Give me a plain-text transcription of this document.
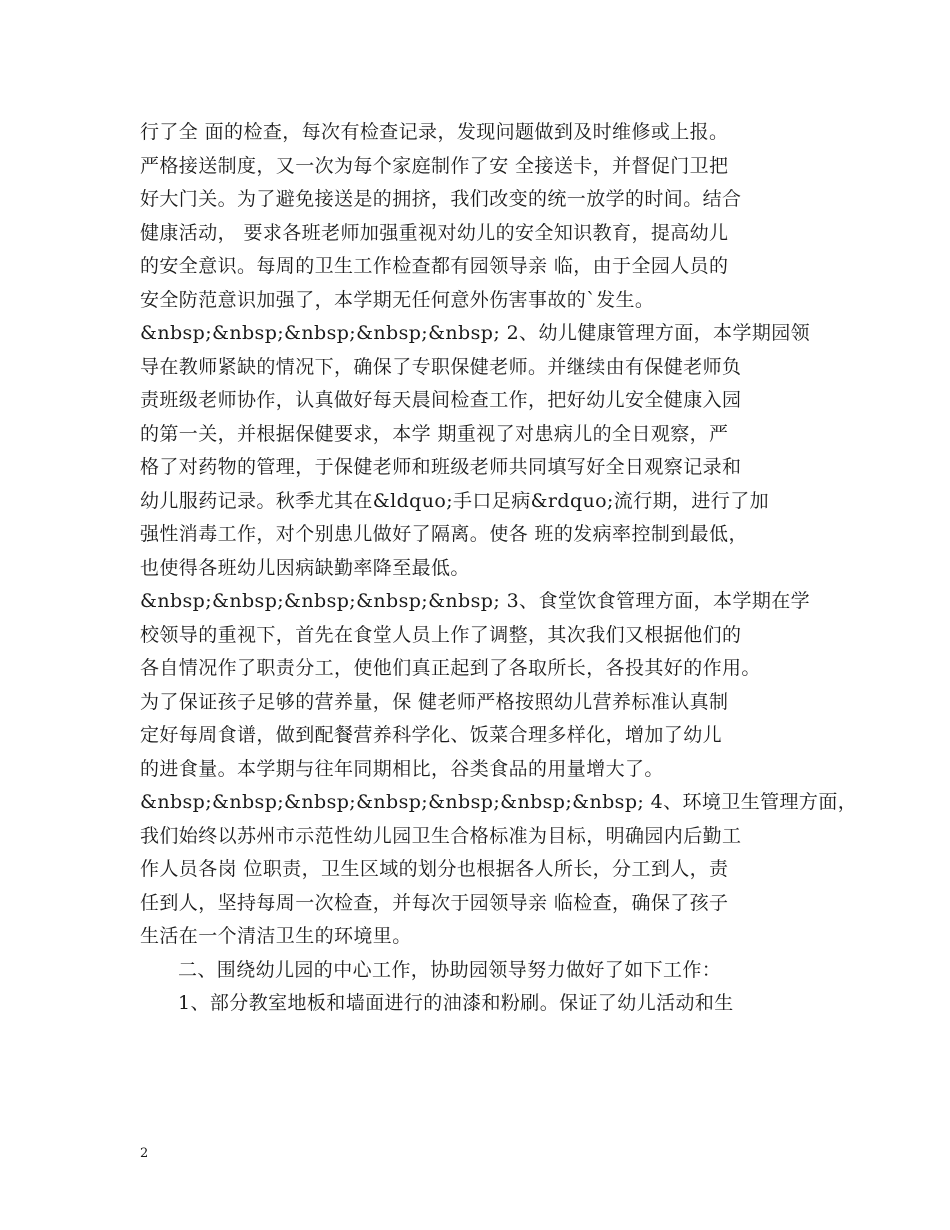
行了全 面的检查，每次有检查记录，发现问题做到及时维修或上报。
严格接送制度，又一次为每个家庭制作了安 全接送卡，并督促门卫把
好大门关。为了避免接送是的拥挤，我们改变的统一放学的时间。结合
健康活动， 要求各班老师加强重视对幼儿的安全知识教育，提高幼儿
的安全意识。每周的卫生工作检查都有园领导亲 临，由于全园人员的
安全防范意识加强了，本学期无任何意外伤害事故的`发生。
&nbsp;&nbsp;&nbsp;&nbsp;&nbsp; 2、幼儿健康管理方面，本学期园领
导在教师紧缺的情况下，确保了专职保健老师。并继续由有保健老师负
责班级老师协作，认真做好每天晨间检查工作，把好幼儿安全健康入园
的第一关，并根据保健要求，本学 期重视了对患病儿的全日观察，严
格了对药物的管理，于保健老师和班级老师共同填写好全日观察记录和
幼儿服药记录。秋季尤其在&ldquo;手口足病&rdquo;流行期，进行了加
强性消毒工作，对个别患儿做好了隔离。使各 班的发病率控制到最低，
也使得各班幼儿因病缺勤率降至最低。
&nbsp;&nbsp;&nbsp;&nbsp;&nbsp; 3、食堂饮食管理方面，本学期在学
校领导的重视下，首先在食堂人员上作了调整，其次我们又根据他们的
各自情况作了职责分工，使他们真正起到了各取所长，各投其好的作用。
为了保证孩子足够的营养量，保 健老师严格按照幼儿营养标准认真制
定好每周食谱，做到配餐营养科学化、饭菜合理多样化，增加了幼儿
的进食量。本学期与往年同期相比，谷类食品的用量增大了。
&nbsp;&nbsp;&nbsp;&nbsp;&nbsp;&nbsp;&nbsp; 4、环境卫生管理方面，
我们始终以苏州市示范性幼儿园卫生合格标准为目标，明确园内后勤工
作人员各岗 位职责，卫生区域的划分也根据各人所长，分工到人，责
任到人，坚持每周一次检查，并每次于园领导亲 临检查，确保了孩子
生活在一个清洁卫生的环境里。
二、围绕幼儿园的中心工作，协助园领导努力做好了如下工作：
1、部分教室地板和墙面进行的油漆和粉刷。保证了幼儿活动和生
2
